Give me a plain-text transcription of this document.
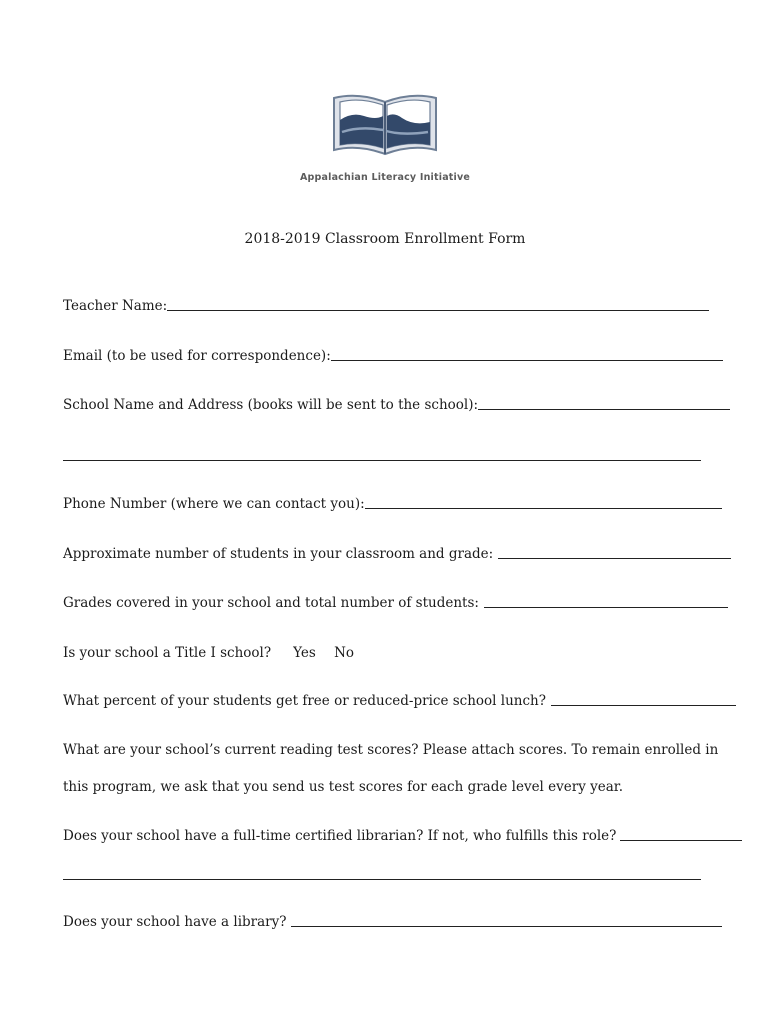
Appalachian Literacy Initiative
2018-2019 Classroom Enrollment Form
Teacher Name:
Email (to be used for correspondence):
School Name and Address (books will be sent to the school):
Phone Number (where we can contact you):
Approximate number of students in your classroom and grade:
Grades covered in your school and total number of students:
Is your school a Title I school? Yes No
What percent of your students get free or reduced-price school lunch?
What are your school’s current reading test scores? Please attach scores. To remain enrolled in this program, we ask that you send us test scores for each grade level every year.
Does your school have a full-time certified librarian? If not, who fulfills this role?
Does your school have a library?
